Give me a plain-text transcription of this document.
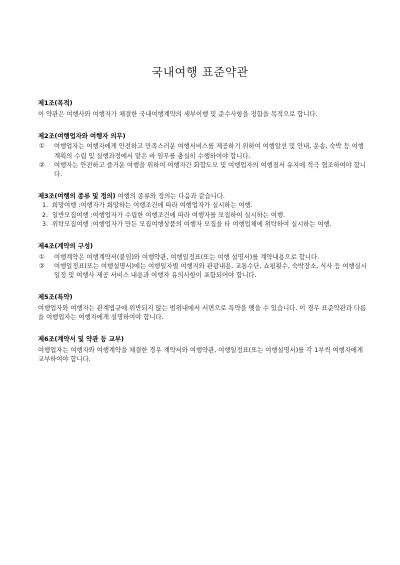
국내여행 표준약관
제1조(목적)
이 약관은 여행사와 여행자가 체결한 국내여행계약의 세부이행 및 준수사항을 정함을 목적으로 합니다.
제2조(여행업자와 여행자 의무)
①	여행업자는 여행자에게 안전하고 만족스러운 여행서비스를 제공하기 위하여 여행알선 및 안내, 운송, 숙박 등 여행계획의 수립 및 실행과정에서 맡은 바 임무를 충실히 수행하여야 합니다.
②	여행자는 안전하고 즐거운 여행을 위하여 여행자간 화합도모 및 여행업자의 여행질서 유지에 적극 협조하여야 합니다.
제3조(여행의 종류 및 정의) 여행의 종류와 정의는 다음과 같습니다.
1. 희망여행 : 여행자가 희망하는 여행조건에 따라 여행업자가 실시하는 여행.
2. 일반모집여행 : 여행업자가 수립한 여행조건에 따라 여행자를 모집하여 실시하는 여행.
3. 위탁모집여행 : 여행업자가 만든 모집여행상품의 여행자 모집을 타 여행업체에 위탁하여 실시하는 여행.
제4조(계약의 구성)
①	여행계약은 여행계약서(붙임)와 여행약관, 여행일정표(또는 여행 설명서)를 계약내용으로 합니다.
②	여행일정표(또는 여행설명서)에는 여행일자별 여행지와 관광내용, 교통수단, 쇼핑횟수, 숙박장소, 식사 등 여행실시일정 및 여행사 제공 서비스 내용과 여행자 유의사항이 포함되어야 합니다.
제5조(특약)
여행업자와 여행자는 관계법규에 위반되지 않는 범위내에서 서면으로 특약을 맺을 수 있습니다. 이 경우 표준약관과 다름을 여행업자는 여행자에게 설명하여야 합니다.
제6조(계약서 및 약관 등 교부)
여행업자는 여행자와 여행계약을 체결한 경우 계약서와 여행약관, 여행일정표(또는 여행설명서)를 각 1부씩 여행자에게 교부하여야 합니다.
